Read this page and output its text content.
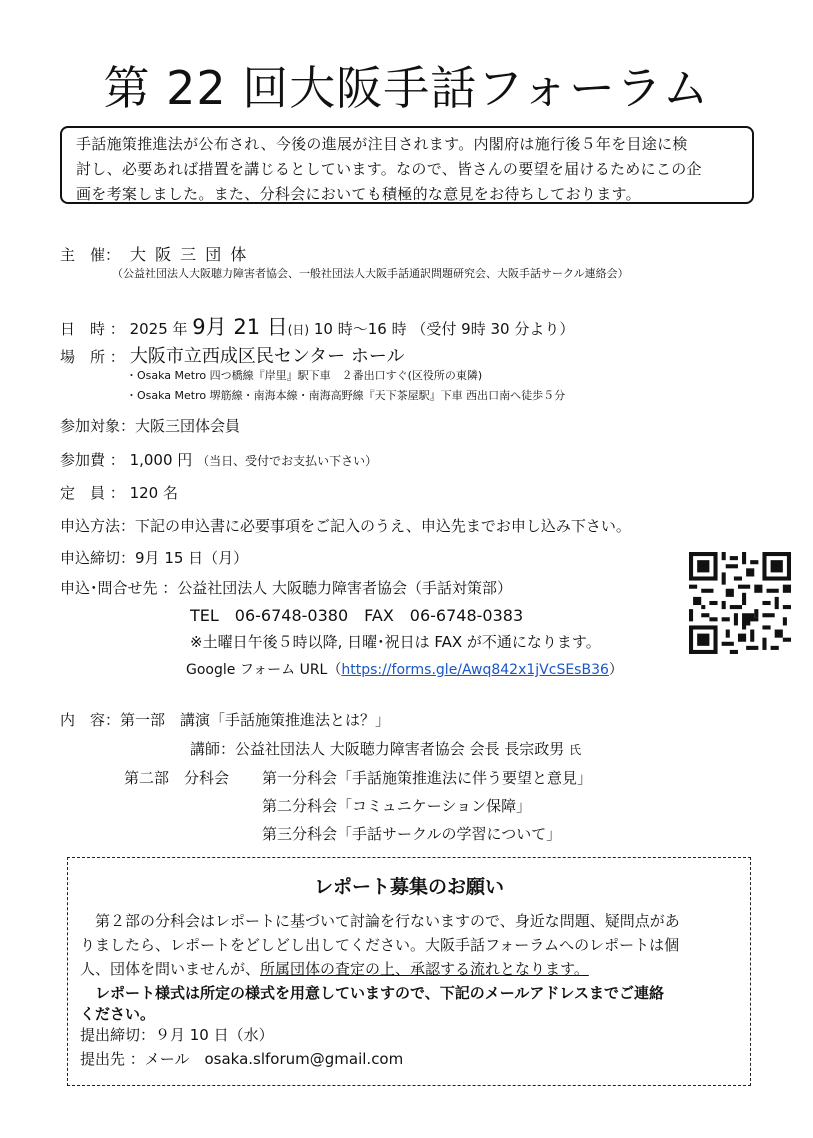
第 22 回大阪手話フォーラム
手話施策推進法が公布され、今後の進展が注目されます。内閣府は施行後５年を目途に検
討し、必要あれば措置を講じるとしています。なので、皆さんの要望を届けるためにこの企
画を考案しました。また、分科会においても積極的な意見をお待ちしております。
主　催： 大 阪 三 団 体
（公益社団法人大阪聴力障害者協会、一般社団法人大阪手話通訳問題研究会、大阪手話サークル連絡会）
日　時 ： 2025 年 9月 21 日(日) 10 時〜16 時 （受付 9時 30 分より）
場　所 ： 大阪市立西成区民センター ホール
・Osaka Metro 四つ橋線『岸里』駅下車　２番出口すぐ(区役所の東隣)
・Osaka Metro 堺筋線・南海本線・南海高野線『天下茶屋駅』下車 西出口南へ徒歩５分
参加対象：大阪三団体会員
参加費 ： 1,000 円 （当日、受付でお支払い下さい）
定　員 ： 120 名
申込方法：下記の申込書に必要事項をご記入のうえ、申込先までお申し込み下さい。
申込締切：9月 15 日（月）
申込･問合せ先 ：公益社団法人 大阪聴力障害者協会（手話対策部）
TEL　06-6748-0380　FAX　06-6748-0383
※土曜日午後５時以降, 日曜･祝日は FAX が不通になります。
Google フォーム URL（https://forms.gle/Awq842x1jVcSEsB36）
内　容：第一部　講演「手話施策推進法とは？」
講師：公益社団法人 大阪聴力障害者協会 会長 長宗政男 氏
第二部　分科会 第一分科会「手話施策推進法に伴う要望と意見」
第二分科会「コミュニケーション保障」
第三分科会「手話サークルの学習について」
レポート募集のお願い
　第２部の分科会はレポートに基づいて討論を行ないますので、身近な問題、疑問点があ
りましたら、レポートをどしどし出してください。大阪手話フォーラムへのレポートは個
人、団体を問いませんが、所属団体の査定の上、承認する流れとなります。
　レポート様式は所定の様式を用意していますので、下記のメールアドレスまでご連絡
ください。
提出締切：９月 10 日（水）
提出先 ：メール　osaka.slforum@gmail.com
